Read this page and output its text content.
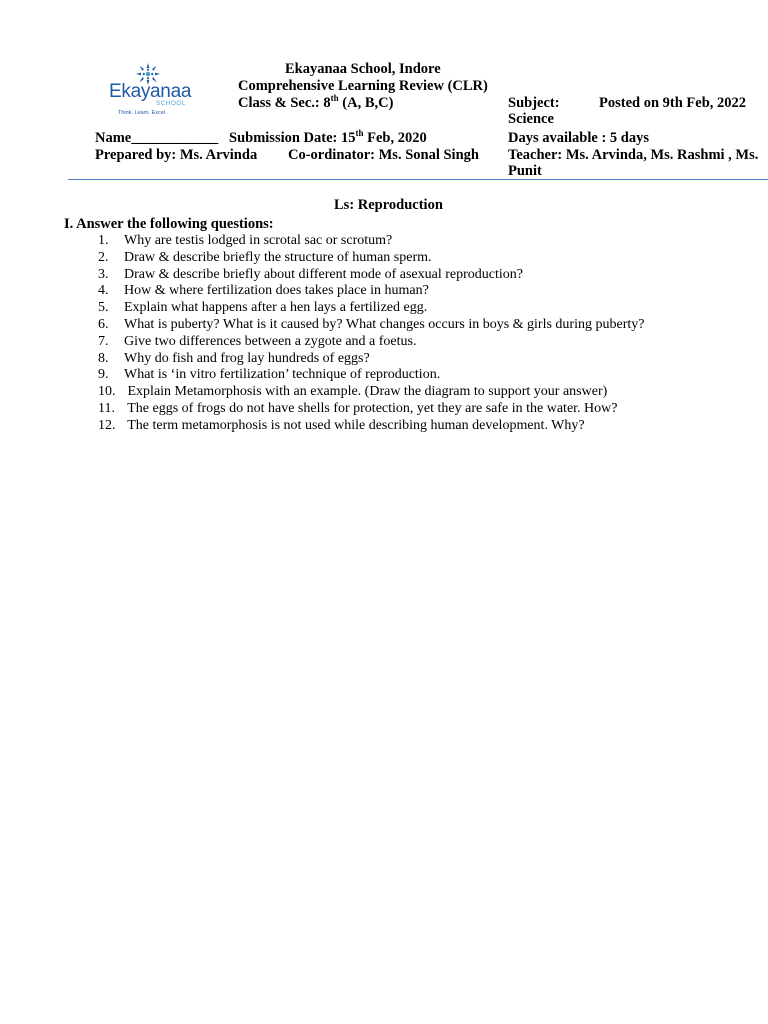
Ekayanaa
SCHOOL
Think. Learn. Excel
Ekayanaa School, Indore
Comprehensive Learning Review (CLR)
Class & Sec.: 8th (A, B,C)	Subject:	Posted on 9th Feb, 2022
Science
Name____________ Submission Date: 15th Feb, 2020	Days available : 5 days
Prepared by: Ms. Arvinda Co-ordinator: Ms. Sonal Singh Teacher: Ms. Arvinda, Ms. Rashmi , Ms.
Punit
Ls: Reproduction
I. Answer the following questions:
1. Why are testis lodged in scrotal sac or scrotum?
2. Draw & describe briefly the structure of human sperm.
3. Draw & describe briefly about different mode of asexual reproduction?
4. How & where fertilization does takes place in human?
5. Explain what happens after a hen lays a fertilized egg.
6. What is puberty? What is it caused by? What changes occurs in boys & girls during puberty?
7. Give two differences between a zygote and a foetus.
8. Why do fish and frog lay hundreds of eggs?
9. What is ‘in vitro fertilization’ technique of reproduction.
10. Explain Metamorphosis with an example. (Draw the diagram to support your answer)
11. The eggs of frogs do not have shells for protection, yet they are safe in the water. How?
12. The term metamorphosis is not used while describing human development. Why?
